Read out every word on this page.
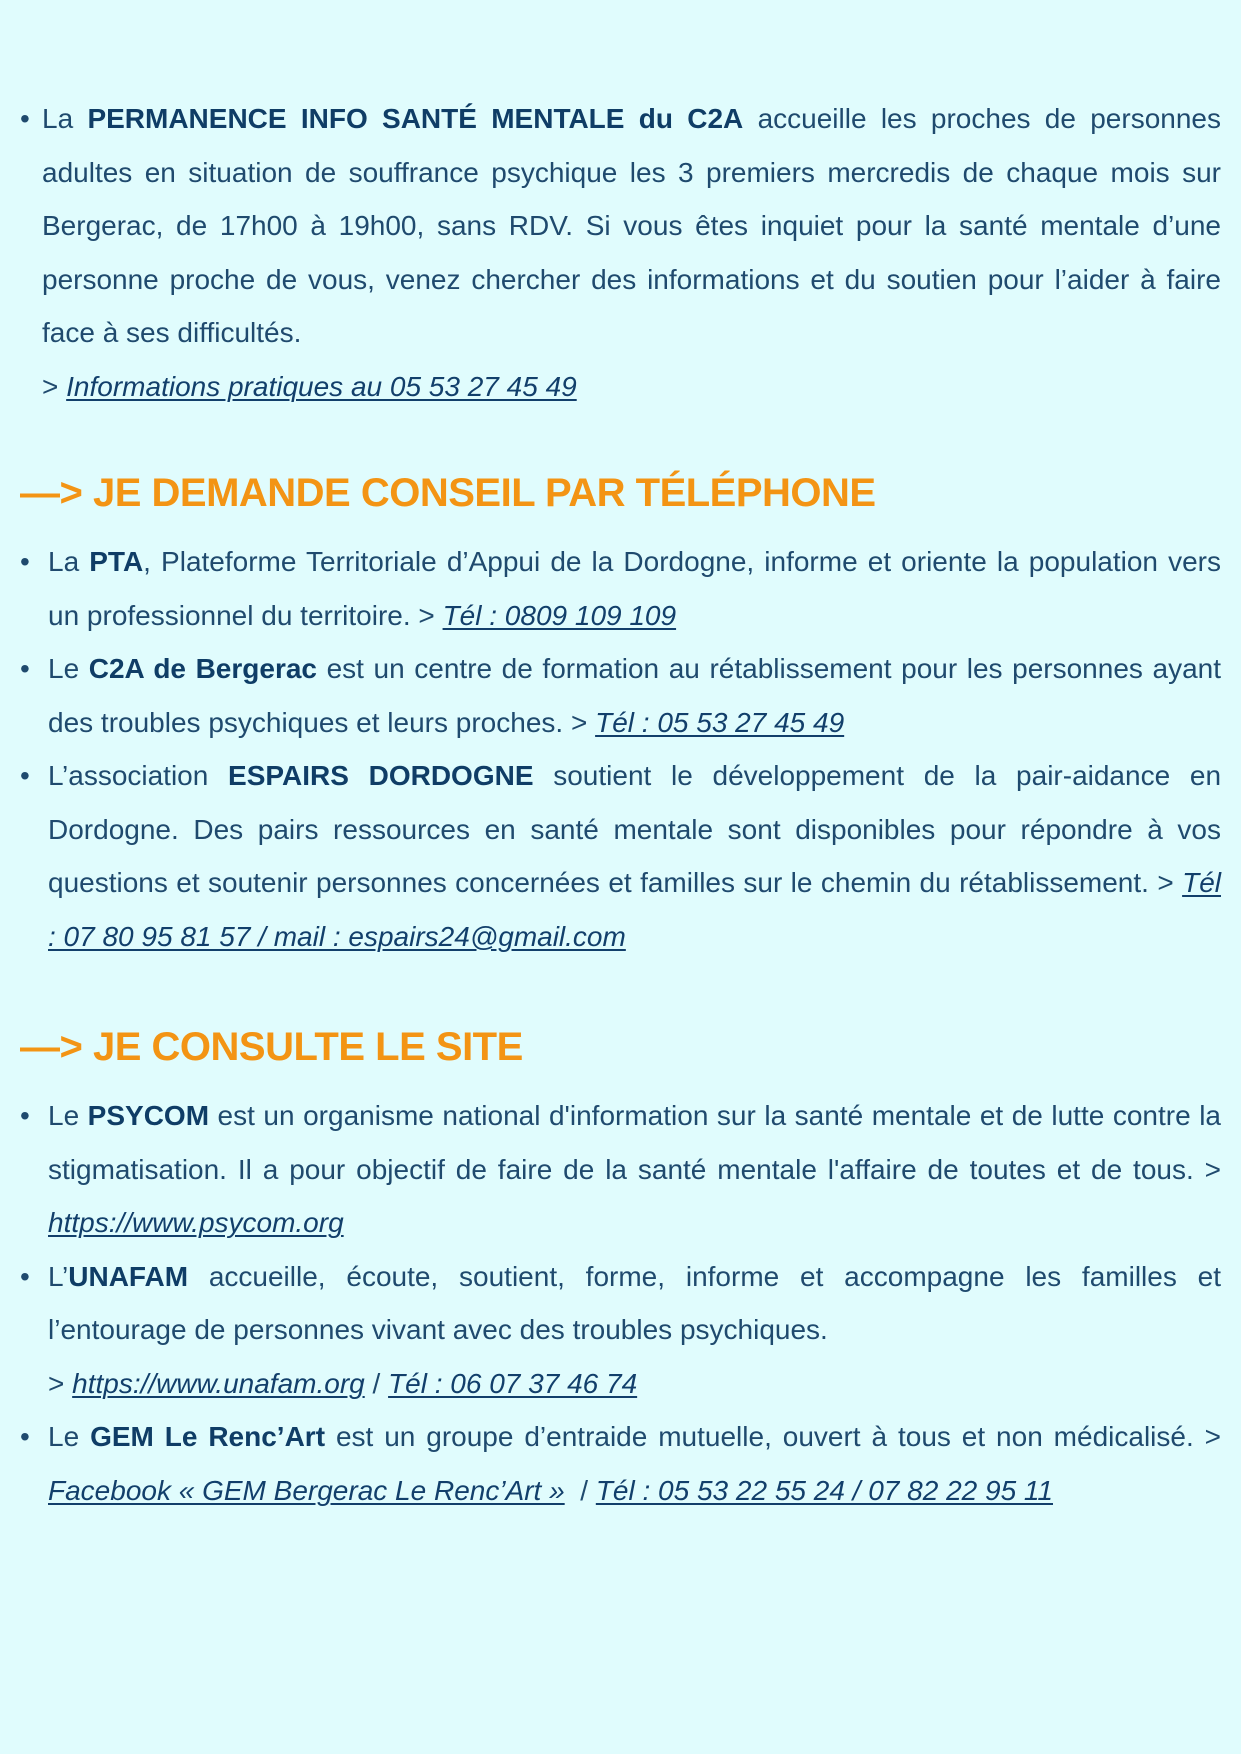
• La PERMANENCE INFO SANTÉ MENTALE du C2A accueille les proches de personnes adultes en situation de souffrance psychique les 3 premiers mercredis de chaque mois sur Bergerac, de 17h00 à 19h00, sans RDV. Si vous êtes inquiet pour la santé mentale d’une personne proche de vous, venez chercher des informations et du soutien pour l’aider à faire face à ses difficultés.
> Informations pratiques au 05 53 27 45 49
—> JE DEMANDE CONSEIL PAR TÉLÉPHONE
• La PTA, Plateforme Territoriale d’Appui de la Dordogne, informe et oriente la population vers un professionnel du territoire. > Tél : 0809 109 109
• Le C2A de Bergerac est un centre de formation au rétablissement pour les personnes ayant des troubles psychiques et leurs proches. > Tél : 05 53 27 45 49
• L’association ESPAIRS DORDOGNE soutient le développement de la pair-aidance en Dordogne. Des pairs ressources en santé mentale sont disponibles pour répondre à vos questions et soutenir personnes concernées et familles sur le chemin du rétablissement. > Tél : 07 80 95 81 57 / mail : espairs24@gmail.com
—> JE CONSULTE LE SITE
• Le PSYCOM est un organisme national d'information sur la santé mentale et de lutte contre la stigmatisation. Il a pour objectif de faire de la santé mentale l'affaire de toutes et de tous. > https://www.psycom.org
• L’UNAFAM accueille, écoute, soutient, forme, informe et accompagne les familles et l’entourage de personnes vivant avec des troubles psychiques.
> https://www.unafam.org / Tél : 06 07 37 46 74
• Le GEM Le Renc’Art est un groupe d’entraide mutuelle, ouvert à tous et non médicalisé. > Facebook « GEM Bergerac Le Renc’Art »  / Tél : 05 53 22 55 24 / 07 82 22 95 11
